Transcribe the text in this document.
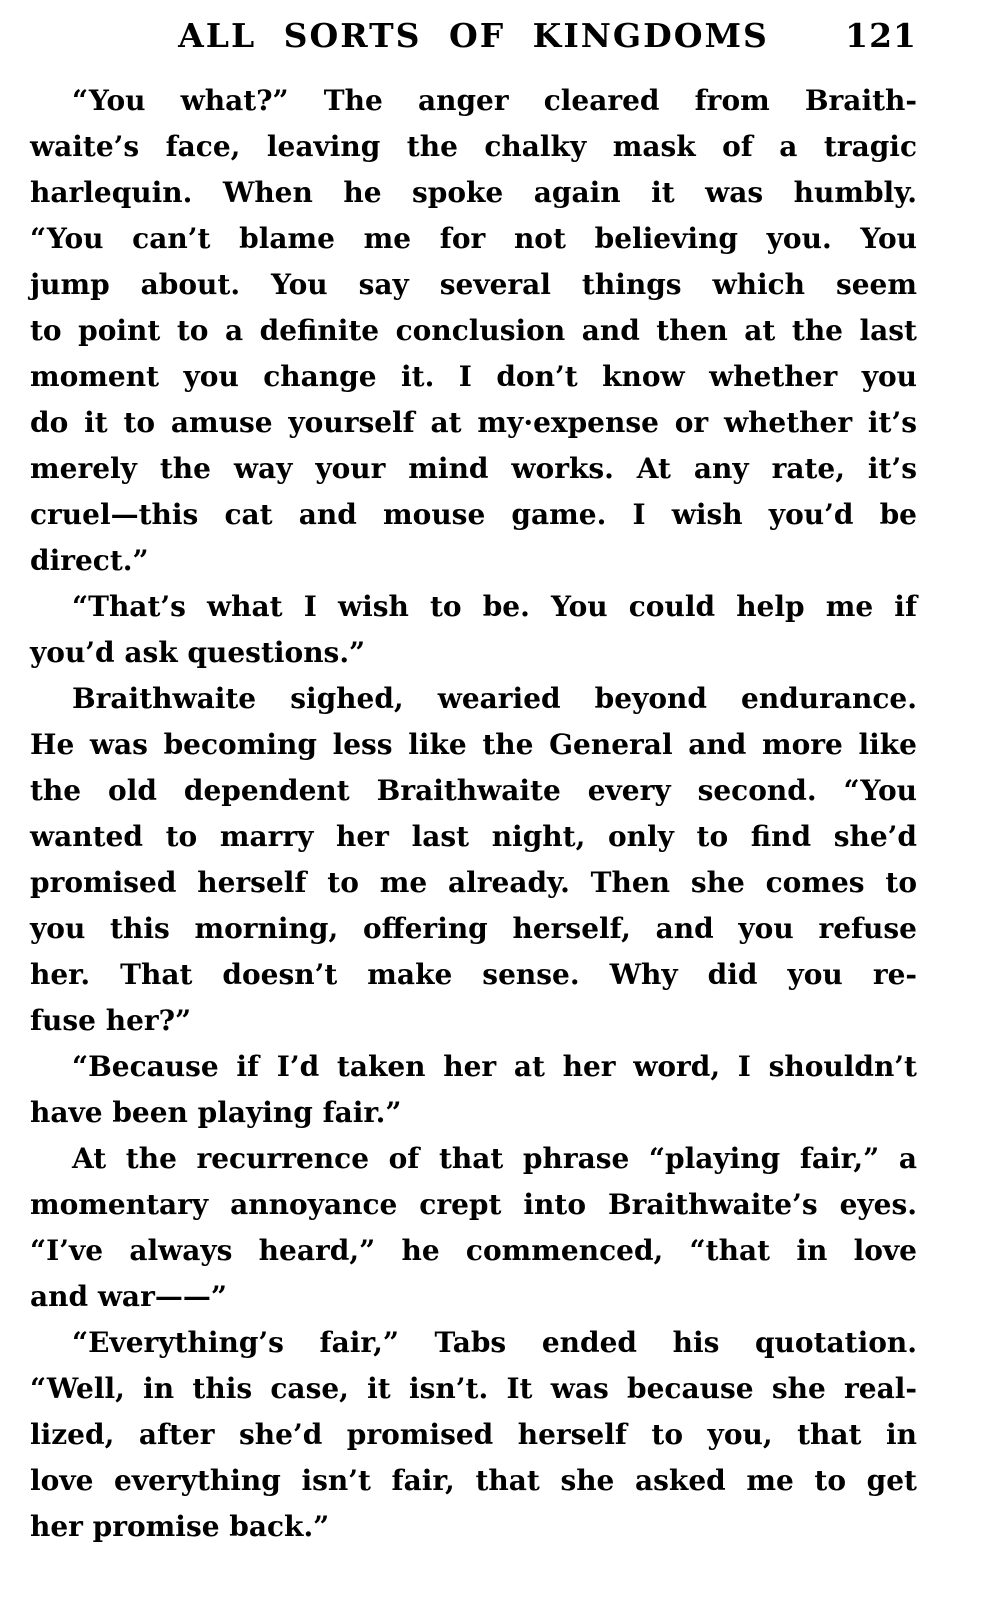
ALL SORTS OF KINGDOMS 121
“You what?” The anger cleared from Braith-
waite’s face, leaving the chalky mask of a tragic
harlequin. When he spoke again it was humbly.
“You can’t blame me for not believing you. You
jump about. You say several things which seem
to point to a definite conclusion and then at the last
moment you change it. I don’t know whether you
do it to amuse yourself at my·expense or whether it’s
merely the way your mind works. At any rate, it’s
cruel—this cat and mouse game. I wish you’d be
direct.”
“That’s what I wish to be. You could help me if
you’d ask questions.”
Braithwaite sighed, wearied beyond endurance.
He was becoming less like the General and more like
the old dependent Braithwaite every second. “You
wanted to marry her last night, only to find she’d
promised herself to me already. Then she comes to
you this morning, offering herself, and you refuse
her. That doesn’t make sense. Why did you re-
fuse her?”
“Because if I’d taken her at her word, I shouldn’t
have been playing fair.”
At the recurrence of that phrase “playing fair,” a
momentary annoyance crept into Braithwaite’s eyes.
“I’ve always heard,” he commenced, “that in love
and war——”
“Everything’s fair,” Tabs ended his quotation.
“Well, in this case, it isn’t. It was because she real-
lized, after she’d promised herself to you, that in
love everything isn’t fair, that she asked me to get
her promise back.”
